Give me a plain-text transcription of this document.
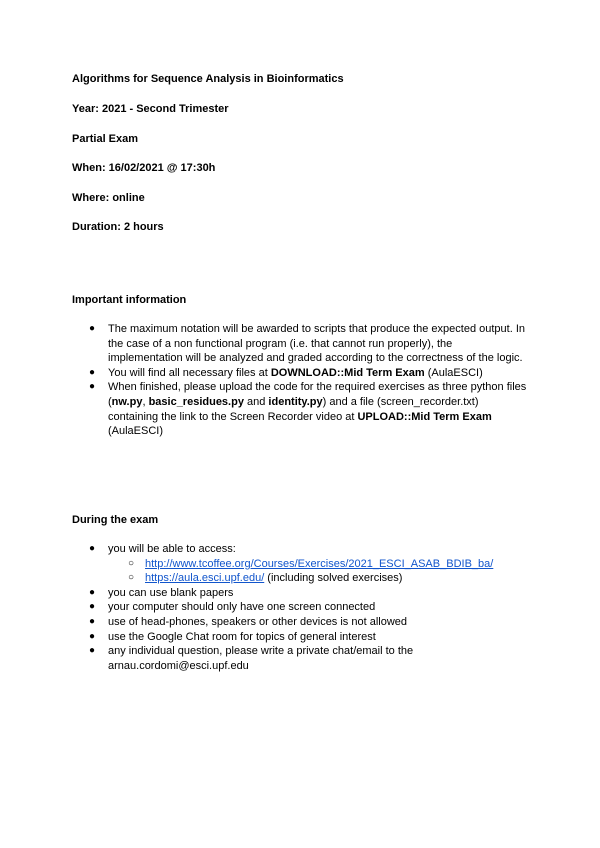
Algorithms for Sequence Analysis in Bioinformatics
Year: 2021 - Second Trimester
Partial Exam
When: 16/02/2021 @ 17:30h
Where: online
Duration: 2 hours
Important information
● The maximum notation will be awarded to scripts that produce the expected output. In the case of a non functional program (i.e. that cannot run properly), the implementation will be analyzed and graded according to the correctness of the logic.
● You will find all necessary files at DOWNLOAD::Mid Term Exam (AulaESCI)
● When finished, please upload the code for the required exercises as three python files (nw.py, basic_residues.py and identity.py) and a file (screen_recorder.txt) containing the link to the Screen Recorder video at UPLOAD::Mid Term Exam (AulaESCI)
During the exam
● you will be able to access:
○ http://www.tcoffee.org/Courses/Exercises/2021_ESCI_ASAB_BDIB_ba/
○ https://aula.esci.upf.edu/ (including solved exercises)
● you can use blank papers
● your computer should only have one screen connected
● use of head-phones, speakers or other devices is not allowed
● use the Google Chat room for topics of general interest
● any individual question, please write a private chat/email to the arnau.cordomi@esci.upf.edu
